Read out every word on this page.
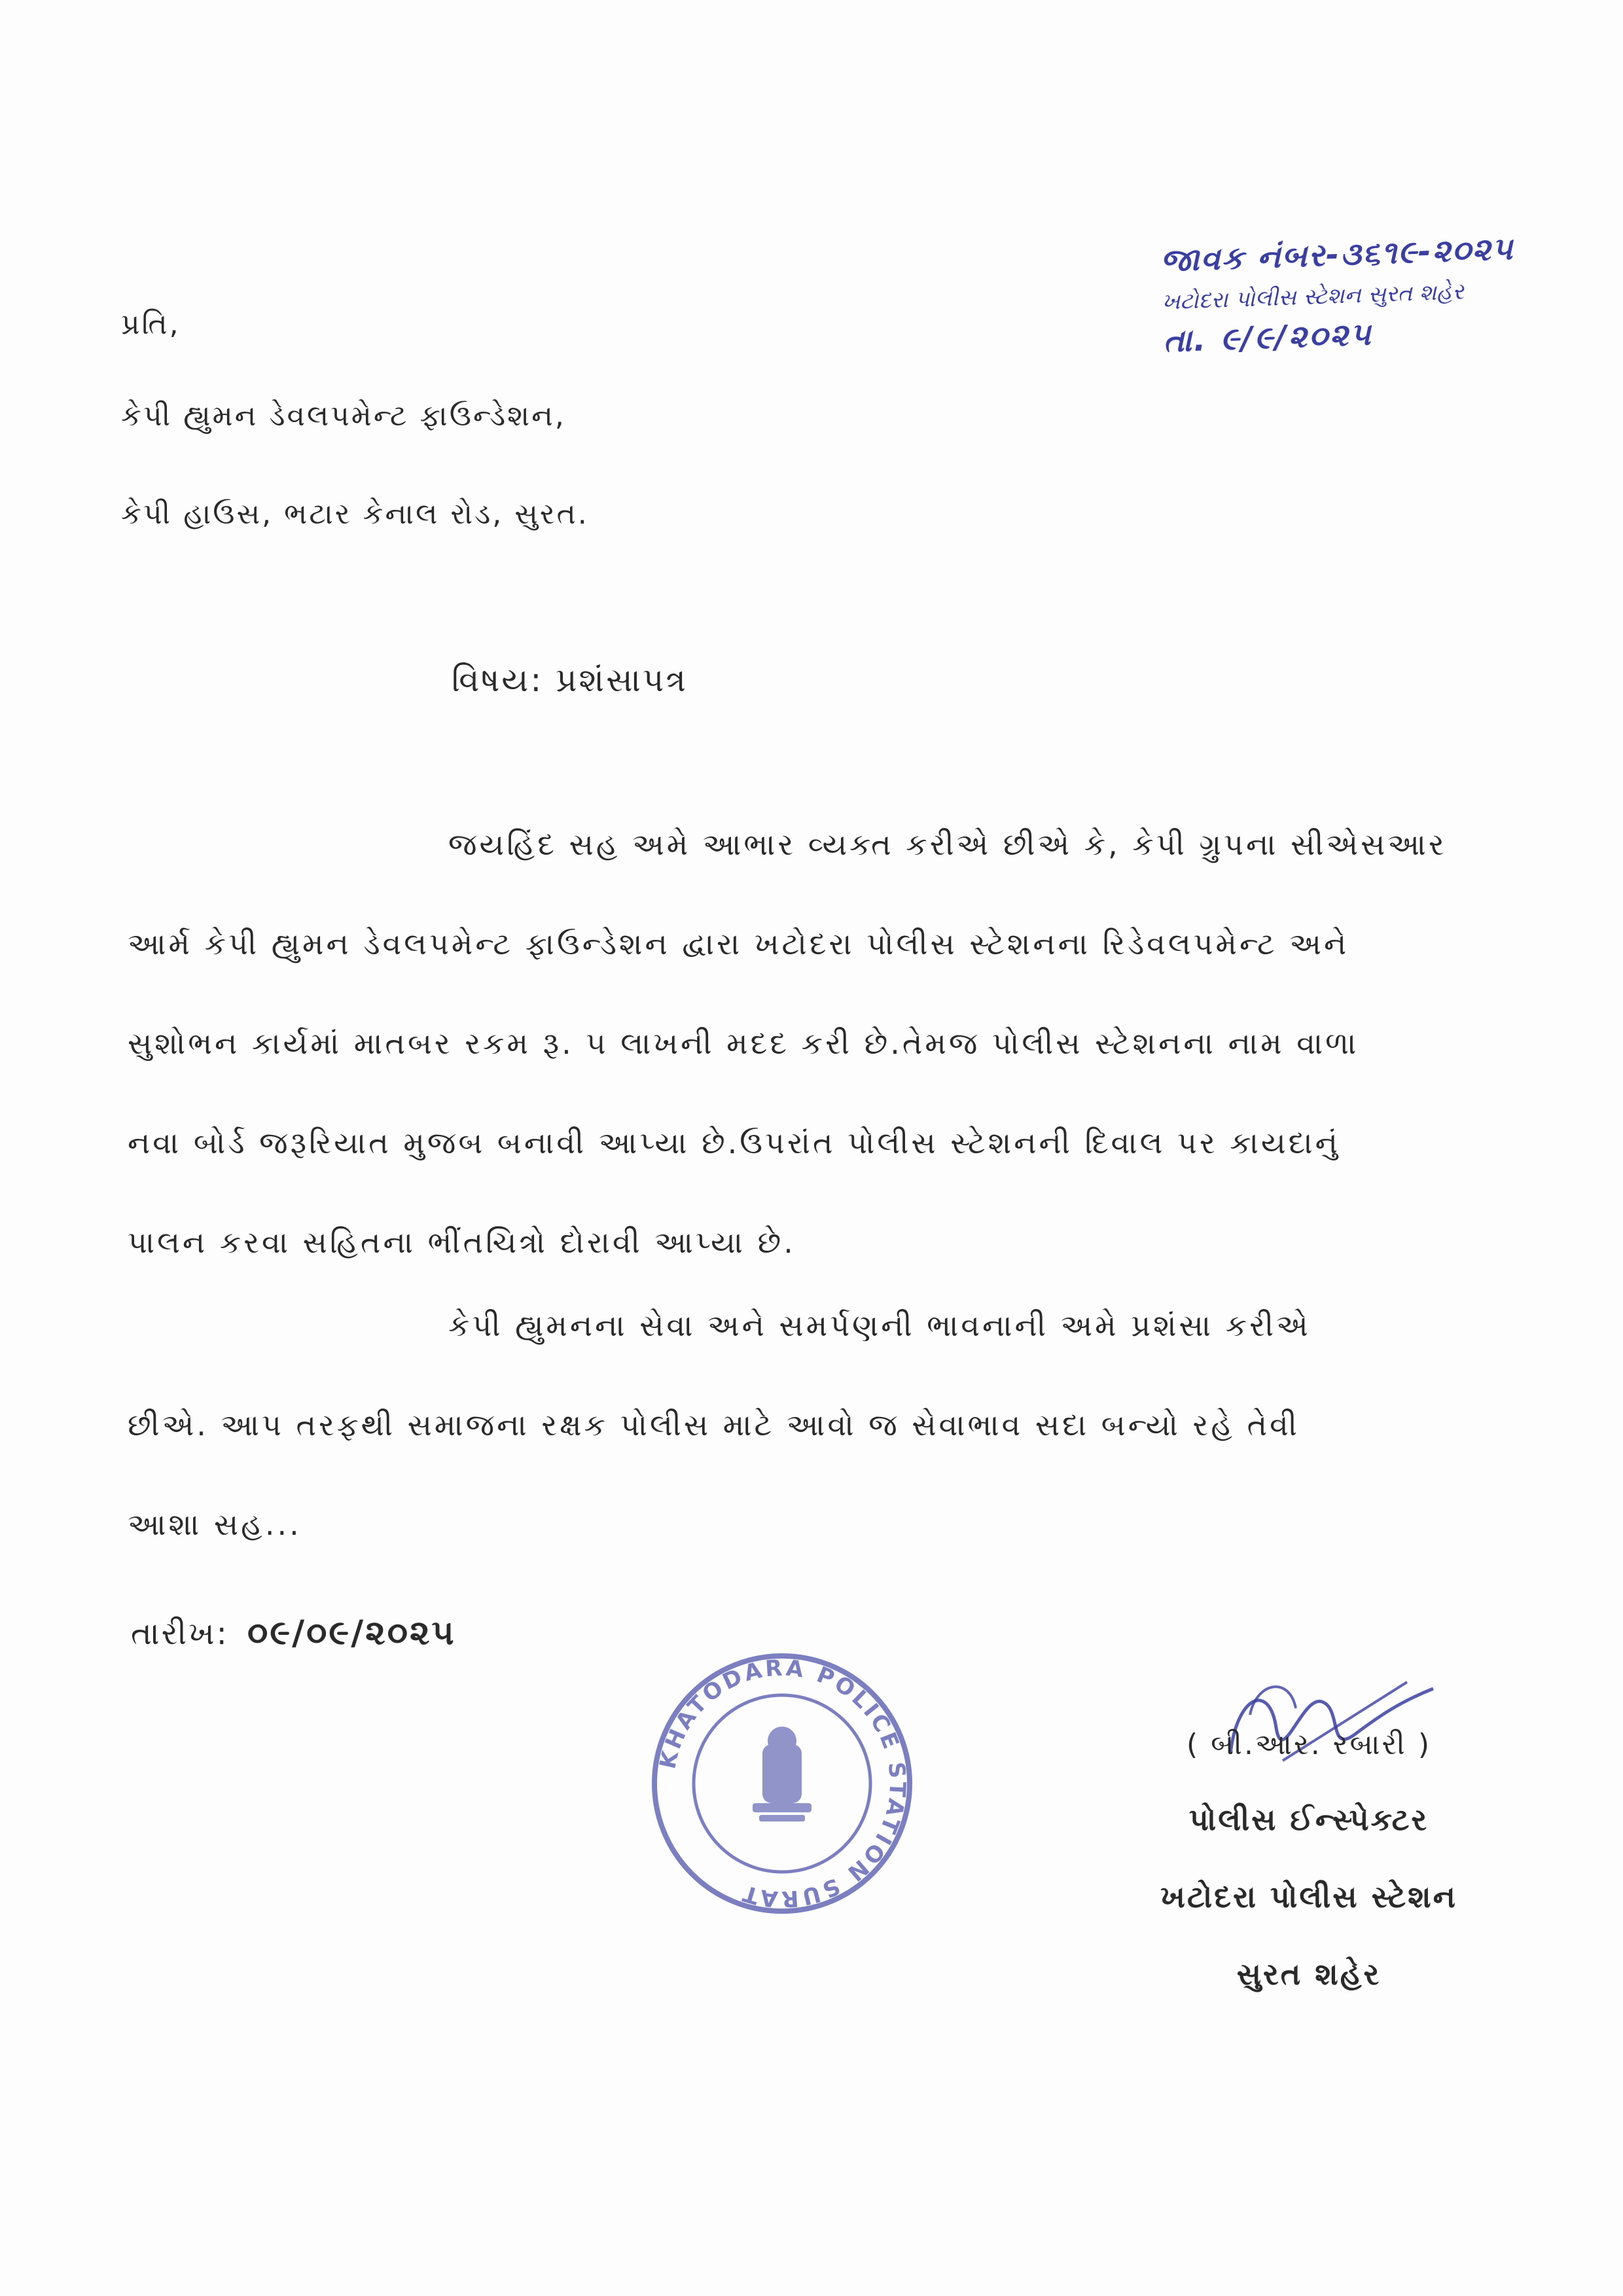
જાવક નંબર-૩૬૧૯-૨૦૨૫
ખટોદરા પોલીસ સ્ટેશન સુરત શહેર
તા. ૯/૯/૨૦૨૫
પ્રતિ,
કેપી હ્યુમન ડેવલપમેન્ટ ફાઉન્ડેશન,
કેપી હાઉસ, ભટાર કેનાલ રોડ, સુરત.
વિષય: પ્રશંસાપત્ર
જયહિંદ સહ અમે આભાર વ્યક્ત કરીએ છીએ કે, કેપી ગ્રુપના સીએસઆર
આર્મ કેપી હ્યુમન ડેવલપમેન્ટ ફાઉન્ડેશન દ્વારા ખટોદરા પોલીસ સ્ટેશનના રિડેવલપમેન્ટ અને
સુશોભન કાર્યમાં માતબર રકમ રૂ. ૫ લાખની મદદ કરી છે.તેમજ પોલીસ સ્ટેશનના નામ વાળા
નવા બોર્ડ જરૂરિયાત મુજબ બનાવી આપ્યા છે.ઉપરાંત પોલીસ સ્ટેશનની દિવાલ પર કાયદાનું
પાલન કરવા સહિતના ભીંતચિત્રો દોરાવી આપ્યા છે.
કેપી હ્યુમનના સેવા અને સમર્પણની ભાવનાની અમે પ્રશંસા કરીએ
છીએ. આપ તરફથી સમાજના રક્ષક પોલીસ માટે આવો જ સેવાભાવ સદા બન્યો રહે તેવી
આશા સહ...
તારીખ: ૦૯/૦૯/૨૦૨૫
KHATODARA POLICE STATION SURAT
( બી.આર. રબારી )
પોલીસ ઈન્સ્પેક્ટર
ખટોદરા પોલીસ સ્ટેશન
સુરત શહેર
